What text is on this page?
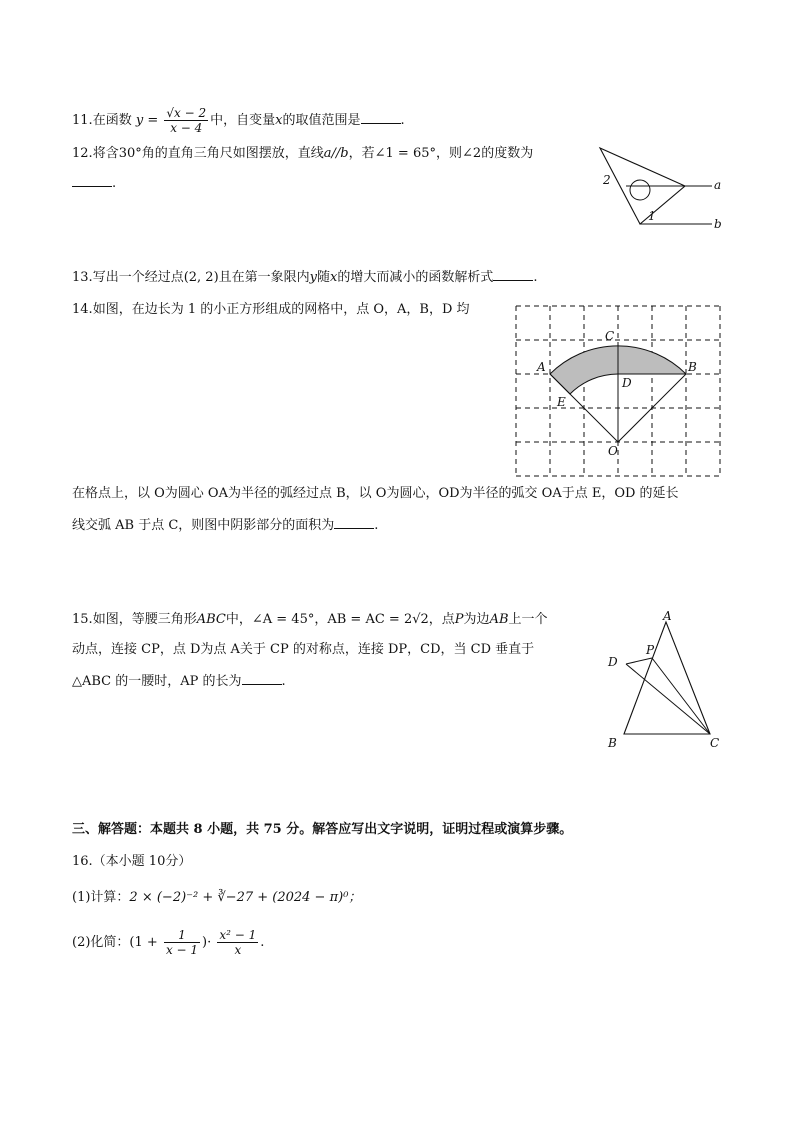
11.在函数 $y = \frac{√x - 2}{x - 4}$ 中，自变量x的取值范围是	.
12.将含30°角的直角三角尺如图摆放，直线a//b，若∠1 = 65°，则∠2的度数为
.	2
1
a
b
13.写出一个经过点(2, 2)且在第一象限内y随x的增大而减小的函数解析式	.
14.如图，在边长为 1 的小正方形组成的网格中，点 O，A，B，D 均
在格点上，以 O为圆心 OA为半径的弧经过点 B，以 O为圆心，OD为半径的弧交 OA于点 E，OD 的延长
线交弧 AB 于点 C，则图中阴影部分的面积为	.
A	B
C
D
E
O
15.如图，等腰三角形ABC中，∠A = 45°，AB = AC = 2√2，点P为边AB上一个
动点，连接 CP，点 D为点 A关于 CP 的对称点，连接 DP，CD，当 CD 垂直于
△ABC 的一腰时，AP 的长为	.
A
B	C
D
P
三、解答题：本题共 8 小题，共 75 分。解答应写出文字说明，证明过程或演算步骤。
16.（本小题 10分）
(1)计算：2 × (−2)⁻² + ∛−27 + (2024 − π)⁰；
(2)化简：($1 + \frac{1}{x - 1}$ )· $\frac{\text{x² − 1}}{x}$ .
